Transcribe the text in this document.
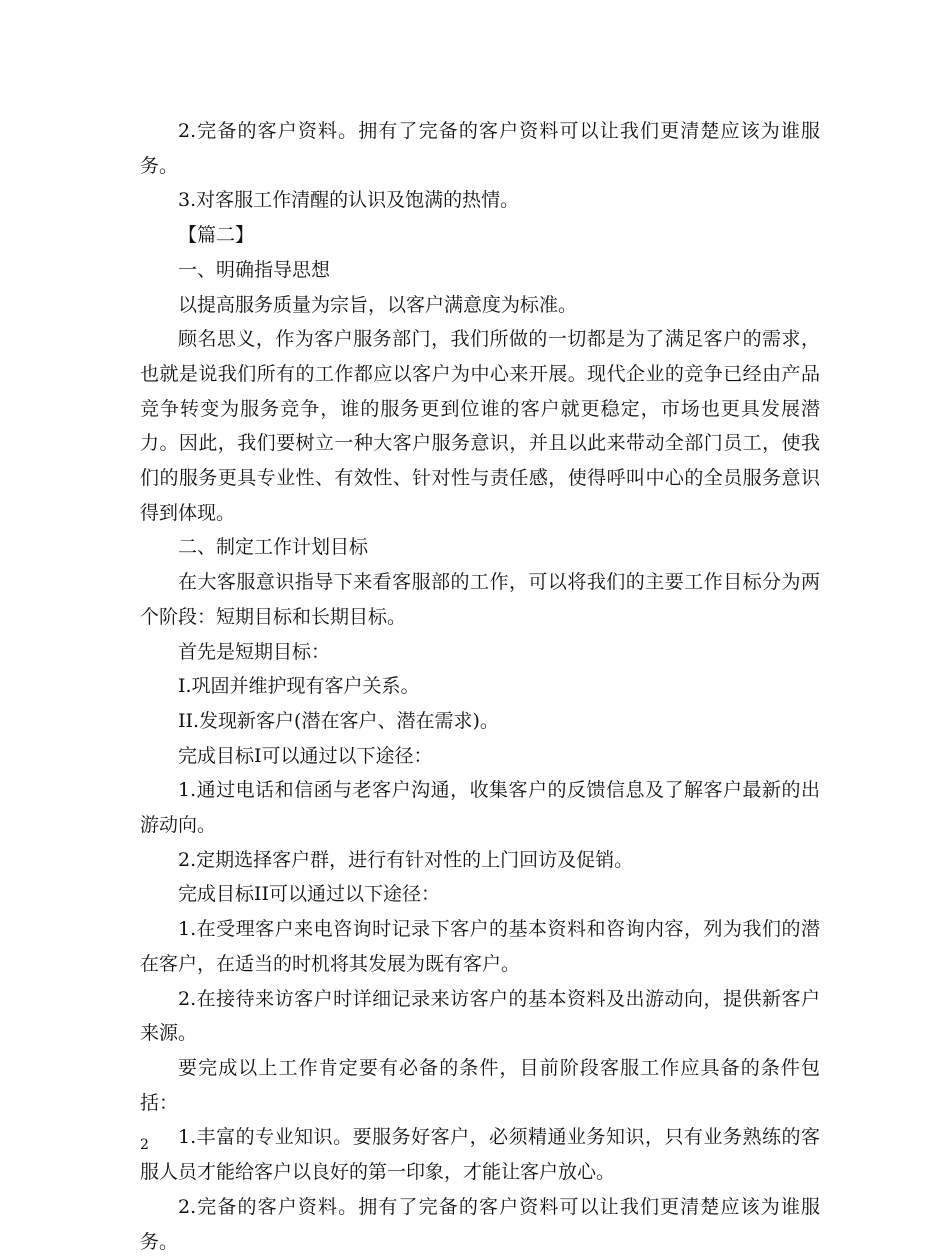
2.完备的客户资料。拥有了完备的客户资料可以让我们更清楚应该为谁服务。

3.对客服工作清醒的认识及饱满的热情。

【篇二】

一、明确指导思想

以提高服务质量为宗旨，以客户满意度为标准。

顾名思义，作为客户服务部门，我们所做的一切都是为了满足客户的需求，也就是说我们所有的工作都应以客户为中心来开展。现代企业的竞争已经由产品竞争转变为服务竞争，谁的服务更到位谁的客户就更稳定，市场也更具发展潜力。因此，我们要树立一种大客户服务意识，并且以此来带动全部门员工，使我们的服务更具专业性、有效性、针对性与责任感，使得呼叫中心的全员服务意识得到体现。

二、制定工作计划目标

在大客服意识指导下来看客服部的工作，可以将我们的主要工作目标分为两个阶段：短期目标和长期目标。

首先是短期目标：

I.巩固并维护现有客户关系。

II.发现新客户(潜在客户、潜在需求)。

完成目标I可以通过以下途径：

1.通过电话和信函与老客户沟通，收集客户的反馈信息及了解客户最新的出游动向。

2.定期选择客户群，进行有针对性的上门回访及促销。

完成目标II可以通过以下途径：

1.在受理客户来电咨询时记录下客户的基本资料和咨询内容，列为我们的潜在客户，在适当的时机将其发展为既有客户。

2.在接待来访客户时详细记录来访客户的基本资料及出游动向，提供新客户来源。

要完成以上工作肯定要有必备的条件，目前阶段客服工作应具备的条件包括：

1.丰富的专业知识。要服务好客户，必须精通业务知识，只有业务熟练的客服人员才能给客户以良好的第一印象，才能让客户放心。

2.完备的客户资料。拥有了完备的客户资料可以让我们更清楚应该为谁服务。

2
